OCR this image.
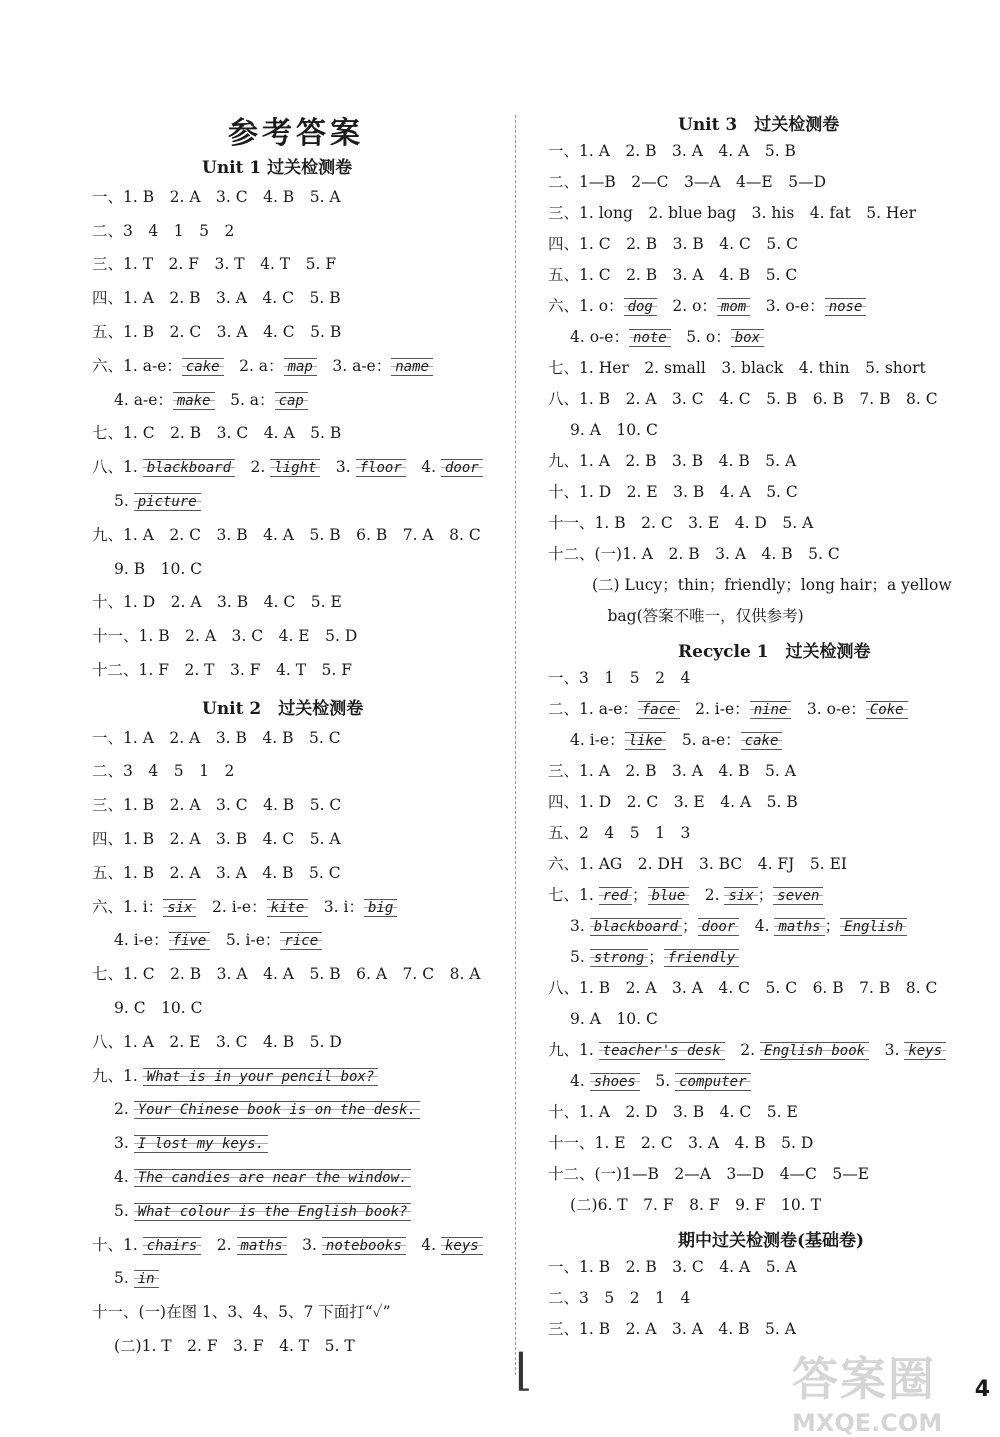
参考答案
Unit 1 过关检测卷
一、1. B　2. A　3. C　4. B　5. A
二、3　4　1　5　2
三、1. T　2. F　3. T　4. T　5. F
四、1. A　2. B　3. A　4. C　5. B
五、1. B　2. C　3. A　4. C　5. B
六、1. a-e： cake　2. a： map　3. a-e： name
4. a-e： make　5. a： cap
七、1. C　2. B　3. C　4. A　5. B
八、1. blackboard　2. light　3. floor　4. door
5. picture
九、1. A　2. C　3. B　4. A　5. B　6. B　7. A　8. C
9. B　10. C
十、1. D　2. A　3. B　4. C　5. E
十一、1. B　2. A　3. C　4. E　5. D
十二、1. F　2. T　3. F　4. T　5. F
Unit 2　过关检测卷
一、1. A　2. A　3. B　4. B　5. C
二、3　4　5　1　2
三、1. B　2. A　3. C　4. B　5. C
四、1. B　2. A　3. B　4. C　5. A
五、1. B　2. A　3. A　4. B　5. C
六、1. i： six　2. i-e： kite　3. i： big
4. i-e： five　5. i-e： rice
七、1. C　2. B　3. A　4. A　5. B　6. A　7. C　8. A
9. C　10. C
八、1. A　2. E　3. C　4. B　5. D
九、1. What is in your pencil box?
2. Your Chinese book is on the desk.
3. I lost my keys.
4. The candies are near the window.
5. What colour is the English book?
十、1. chairs　2. maths　3. notebooks　4. keys
5. in
十一、(一)在图 1、3、4、5、7 下面打“✓”
(二)1. T　2. F　3. F　4. T　5. T
Unit 3　过关检测卷
一、1. A　2. B　3. A　4. A　5. B
二、1—B　2—C　3—A　4—E　5—D
三、1. long　2. blue bag　3. his　4. fat　5. Her
四、1. C　2. B　3. B　4. C　5. C
五、1. C　2. B　3. A　4. B　5. C
六、1. o： dog　2. o： mom　3. o-e： nose
4. o-e： note　5. o： box
七、1. Her　2. small　3. black　4. thin　5. short
八、1. B　2. A　3. C　4. C　5. B　6. B　7. B　8. C
9. A　10. C
九、1. A　2. B　3. B　4. B　5. A
十、1. D　2. E　3. B　4. A　5. C
十一、1. B　2. C　3. E　4. D　5. A
十二、(一)1. A　2. B　3. A　4. B　5. C
(二) Lucy；thin；friendly；long hair；a yellow
　bag(答案不唯一，仅供参考)
Recycle 1　过关检测卷
一、3　1　5　2　4
二、1. a-e： face　2. i-e： nine　3. o-e： Coke
4. i-e： like　5. a-e： cake
三、1. A　2. B　3. A　4. B　5. A
四、1. D　2. C　3. E　4. A　5. B
五、2　4　5　1　3
六、1. AG　2. DH　3. BC　4. FJ　5. EI
七、1. red ； blue　2. six ； seven
3. blackboard ； door　4. maths ； English
5. strong ； friendly
八、1. B　2. A　3. A　4. C　5. C　6. B　7. B　8. C
9. A　10. C
九、1. teacher's desk　2. English book　3. keys
4. shoes　5. computer
十、1. A　2. D　3. B　4. C　5. E
十一、1. E　2. C　3. A　4. B　5. D
十二、(一)1—B　2—A　3—D　4—C　5—E
(二)6. T　7. F　8. F　9. F　10. T
期中过关检测卷(基础卷)
一、1. B　2. B　3. C　4. A　5. A
二、3　5　2　1　4
三、1. B　2. A　3. A　4. B　5. A
⌊	4
答案圈
MXQE.COM
